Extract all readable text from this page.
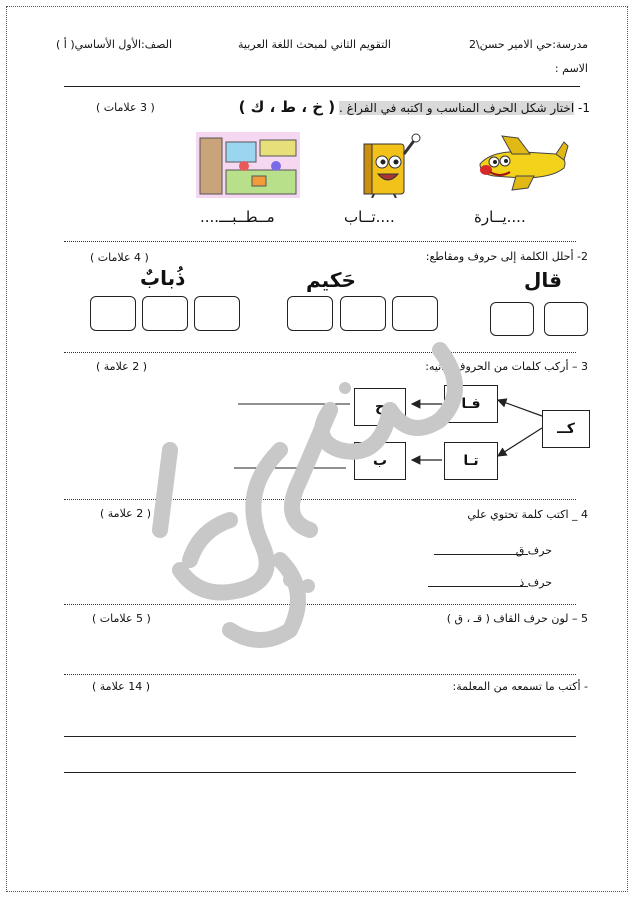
مدرسة:حي الامير حسن\2
التقويم الثاني لمبحث اللغة العربية
الصف:الأول الأساسي( أ )
الاسم :
1- اختار شكل الحرف المناسب و اكتبه في الفراغ . ( خ ، ط ، ك )
( 3 علامات )
....يــارة
....تــاب
مــطــبـــ....
2- أحلل الكلمة إلى حروف ومقاطع:
( 4 علامات )
قال
حَكيم
ذُبابٌ
3 – أركب كلمات من الحروف الآتيه:
( 2 علامة )
كــ
فـا
تـا
ح
ب
4 _ اكتب كلمة تحتوي علي
( 2 علامة )
حرف ق
حرف ذ
5 – لون حرف القاف ( قـ ، ق )
( 5 علامات )
- أكتب ما تسمعه من المعلمة:
( 14 علامة )
